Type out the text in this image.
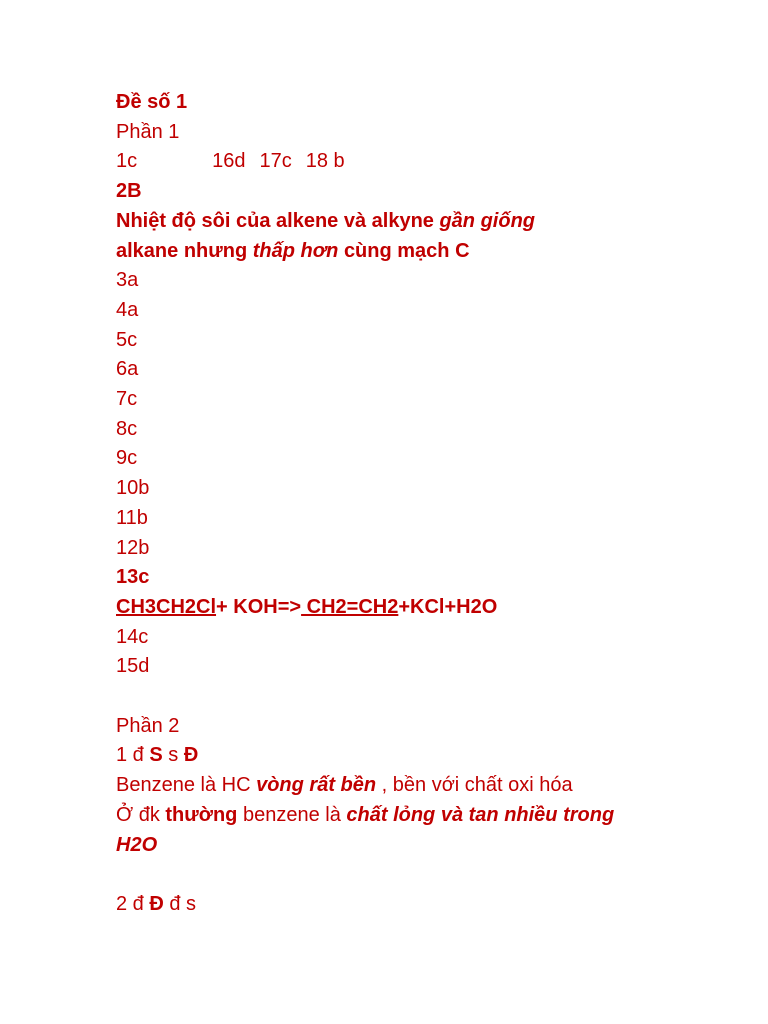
Đề số 1
Phần 1
1c	16d 17c 18 b
2B
Nhiệt độ sôi của alkene và alkyne gần giống
alkane nhưng thấp hơn cùng mạch C
3a
4a
5c
6a
7c
8c
9c
10b
11b
12b
13c
CH3CH2Cl+ KOH=> CH2=CH2+KCl+H2O
14c
15d
Phần 2
1 đ S s Đ
Benzene là HC vòng rất bền , bền với chất oxi hóa
Ở đk thường benzene là chất lỏng và tan nhiều trong H2O
2 đ Đ đ s
